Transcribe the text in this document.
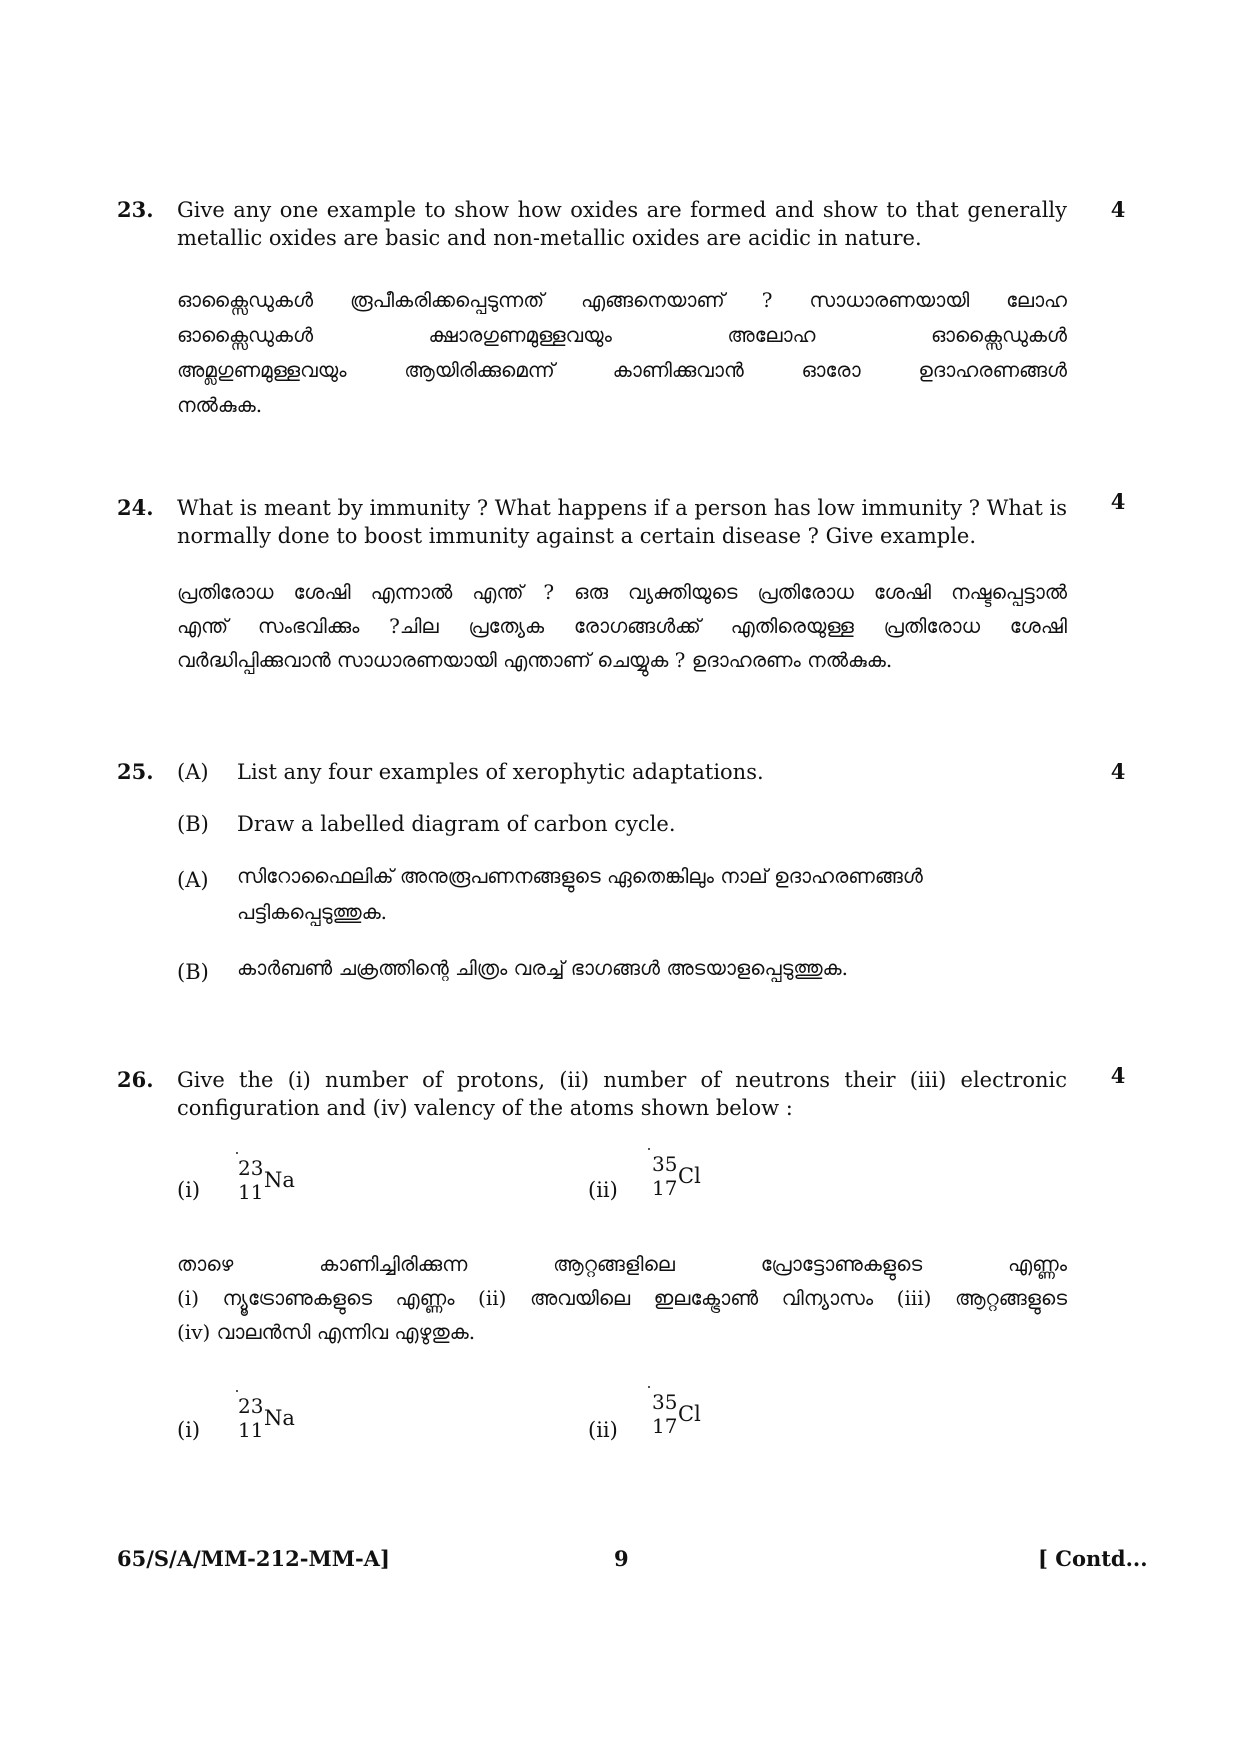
23.	4
Give any one example to show how oxides are formed and show to that generally metallic oxides are basic and non-metallic oxides are acidic in nature.
ഓക്സൈഡുകൾ രൂപീകരിക്കപ്പെടുന്നത് എങ്ങനെയാണ് ? സാധാരണയായി ലോഹ
ഓക്സൈഡുകൾ ക്ഷാരഗുണമുള്ളവയും അലോഹ ഓക്സൈഡുകൾ
അമ്ലഗുണമുള്ളവയും ആയിരിക്കുമെന്ന് കാണിക്കുവാൻ ഓരോ ഉദാഹരണങ്ങൾ
നൽകുക.
24.	4
What is meant by immunity ? What happens if a person has low immunity ? What is normally done to boost immunity against a certain disease ? Give example.
പ്രതിരോധ ശേഷി എന്നാൽ എന്ത് ? ഒരു വ്യക്തിയുടെ പ്രതിരോധ ശേഷി നഷ്ടപ്പെട്ടാൽ
എന്ത് സംഭവിക്കും ?ചില പ്രത്യേക രോഗങ്ങൾക്ക് എതിരെയുള്ള പ്രതിരോധ ശേഷി
വർദ്ധിപ്പിക്കുവാൻ സാധാരണയായി എന്താണ് ചെയ്യുക ? ഉദാഹരണം നൽകുക.
25.	4
(A)	List any four examples of xerophytic adaptations.
(B)	Draw a labelled diagram of carbon cycle.
(A)	സിറോഫൈലിക് അനുരൂപണനങ്ങളുടെ ഏതെങ്കിലും നാല് ഉദാഹരണങ്ങൾ
പട്ടികപ്പെടുത്തുക.
(B)	കാർബൺ ചക്രത്തിന്റെ ചിത്രം വരച്ച് ഭാഗങ്ങൾ അടയാളപ്പെടുത്തുക.
26.	4
Give the (i) number of protons, (ii) number of neutrons their (iii) electronic configuration and (iv) valency of the atoms shown below :
(i)
23
11 Na	(ii)
35
17 Cl
താഴെ കാണിച്ചിരിക്കുന്ന ആറ്റങ്ങളിലെ പ്രോട്ടോണുകളുടെ എണ്ണം
(i) ന്യൂട്രോണുകളുടെ എണ്ണം (ii) അവയിലെ ഇലക്ട്രോൺ വിന്യാസം (iii) ആറ്റങ്ങളുടെ
(iv) വാലൻസി എന്നിവ എഴുതുക.
(i)
23
11 Na	(ii)
35
17 Cl
65/S/A/MM-212-MM-A]	9	[ Contd...
